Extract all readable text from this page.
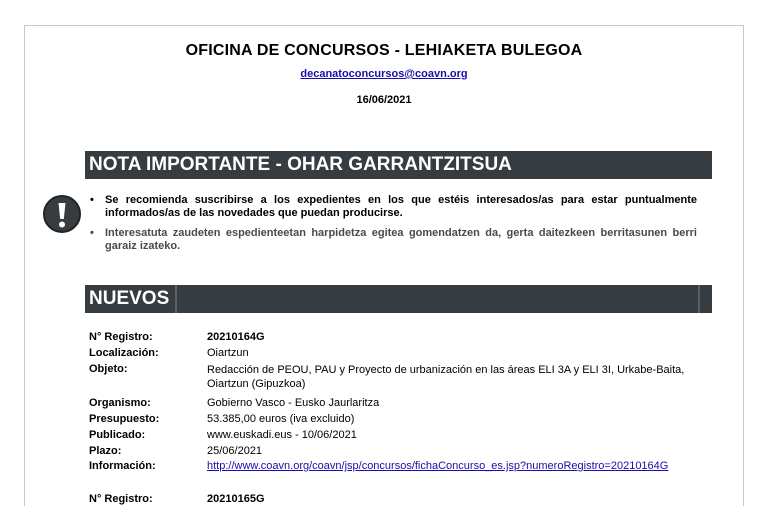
OFICINA DE CONCURSOS - LEHIAKETA BULEGOA
decanatoconcursos@coavn.org
16/06/2021
NOTA IMPORTANTE - OHAR GARRANTZITSUA
• Se recomienda suscribirse a los expedientes en los que estéis interesados/as para estar puntualmente informados/as de las novedades que puedan producirse.
• Interesatuta zaudeten espedienteetan harpidetza egitea gomendatzen da, gerta daitezkeen berritasunen berri garaiz izateko.
NUEVOS
N° Registro:	20210164G
Localización:	Oiartzun
Objeto:	Redacción de PEOU, PAU y Proyecto de urbanización en las áreas ELI 3A y ELI 3I, Urkabe-Baita, Oiartzun (Gipuzkoa)
Organismo:	Gobierno Vasco - Eusko Jaurlaritza
Presupuesto:	53.385,00 euros (iva excluido)
Publicado:	www.euskadi.eus - 10/06/2021
Plazo:	25/06/2021
Información:	http://www.coavn.org/coavn/jsp/concursos/fichaConcurso_es.jsp?numeroRegistro=20210164G
N° Registro:	20210165G
